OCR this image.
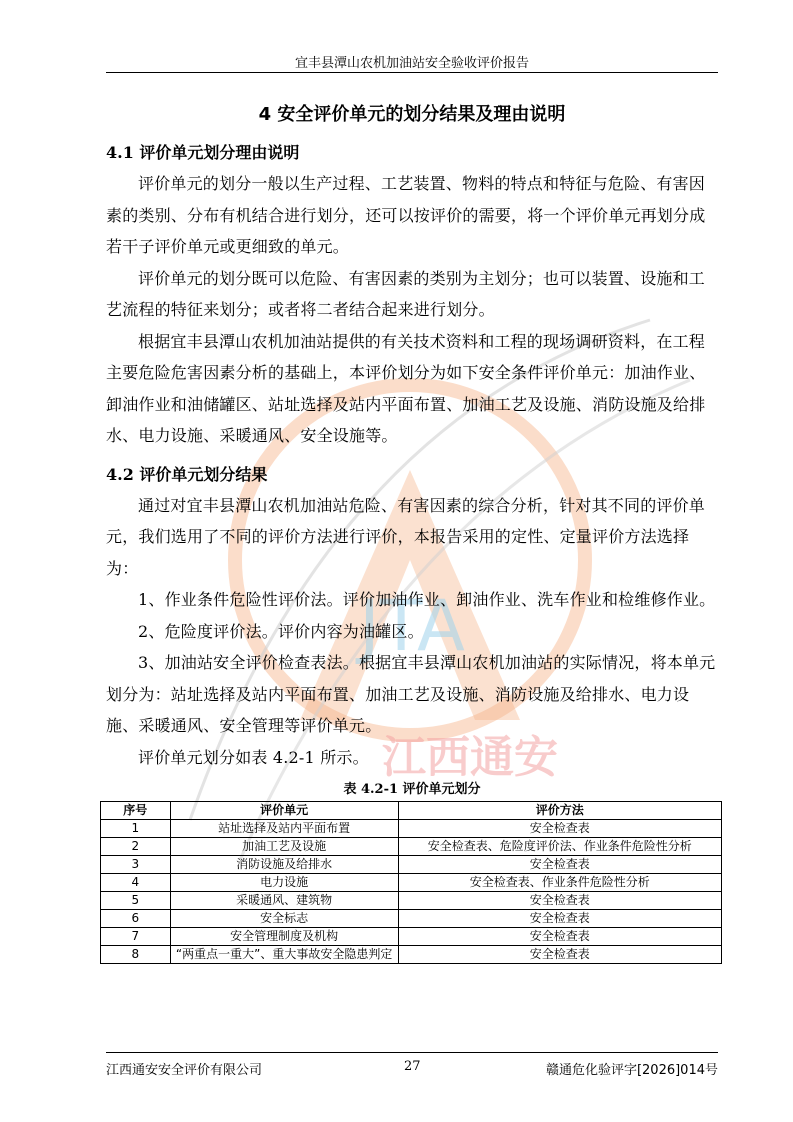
宜丰县潭山农机加油站安全验收评价报告
JTA
江西通安
4 安全评价单元的划分结果及理由说明
4.1 评价单元划分理由说明

评价单元的划分一般以生产过程、工艺装置、物料的特点和特征与危险、有害因素的类别、分布有机结合进行划分，还可以按评价的需要，将一个评价单元再划分成若干子评价单元或更细致的单元。

评价单元的划分既可以危险、有害因素的类别为主划分；也可以装置、设施和工艺流程的特征来划分；或者将二者结合起来进行划分。

根据宜丰县潭山农机加油站提供的有关技术资料和工程的现场调研资料，在工程主要危险危害因素分析的基础上，本评价划分为如下安全条件评价单元：加油作业、卸油作业和油储罐区、站址选择及站内平面布置、加油工艺及设施、消防设施及给排水、电力设施、采暖通风、安全设施等。

4.2 评价单元划分结果

通过对宜丰县潭山农机加油站危险、有害因素的综合分析，针对其不同的评价单元，我们选用了不同的评价方法进行评价，本报告采用的定性、定量评价方法选择为：

1、作业条件危险性评价法。评价加油作业、卸油作业、洗车作业和检维修作业。

2、危险度评价法。评价内容为油罐区。

3、加油站安全评价检查表法。根据宜丰县潭山农机加油站的实际情况，将本单元划分为：站址选择及站内平面布置、加油工艺及设施、消防设施及给排水、电力设施、采暖通风、安全管理等评价单元。

评价单元划分如表 4.2-1 所示。

表 4.2-1 评价单元划分
序号	评价单元	评价方法
1	站址选择及站内平面布置	安全检查表
2	加油工艺及设施	安全检查表、危险度评价法、作业条件危险性分析
3	消防设施及给排水	安全检查表
4	电力设施	安全检查表、作业条件危险性分析
5	采暖通风、建筑物	安全检查表
6	安全标志	安全检查表
7	安全管理制度及机构	安全检查表
8	“两重点一重大”、重大事故安全隐患判定	安全检查表
江西通安安全评价有限公司	27	赣通危化验评字[2026]014号
